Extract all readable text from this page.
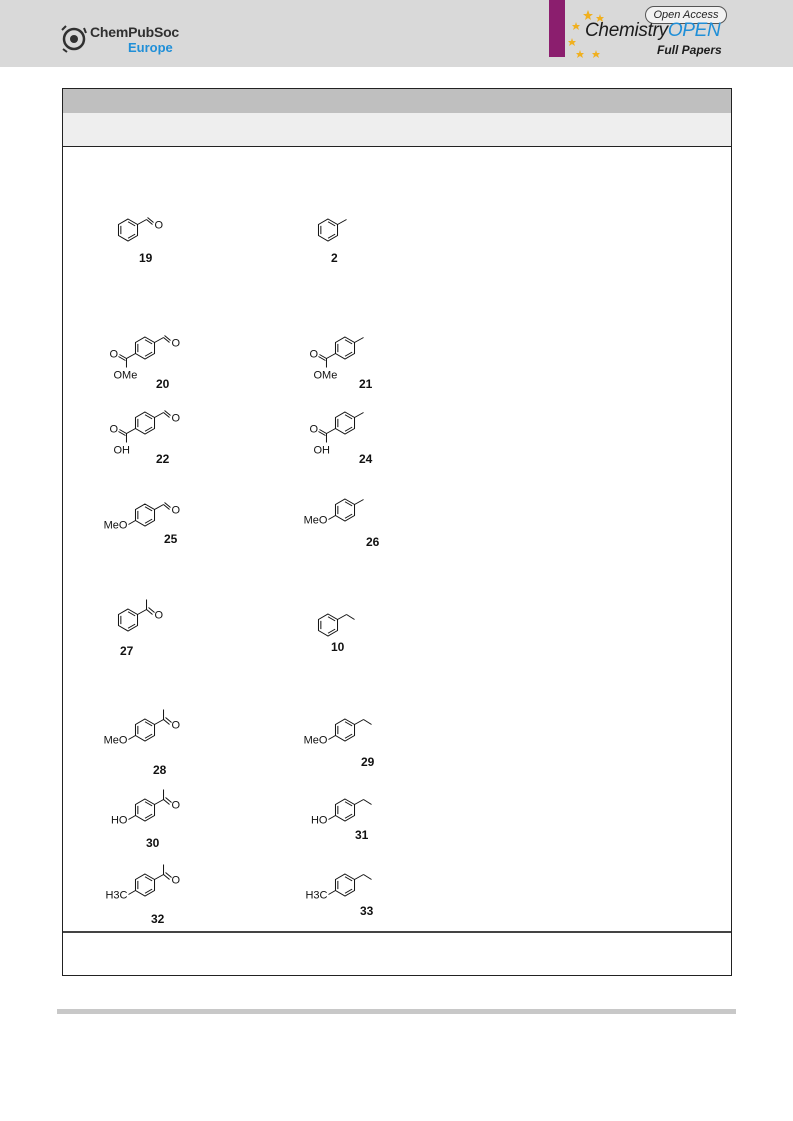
ChemPubSoc
Europe
Open Access
ChemistryOPEN
Full Papers
O
19	2
O
O
OMe
20
O
OMe
21
O
O
OH
22
O
OH
24
O
MeO
25
MeO
26
O
27	10
O
MeO
28
MeO
29
O
HO
30
HO
31
O
H3C
32
H3C
33
